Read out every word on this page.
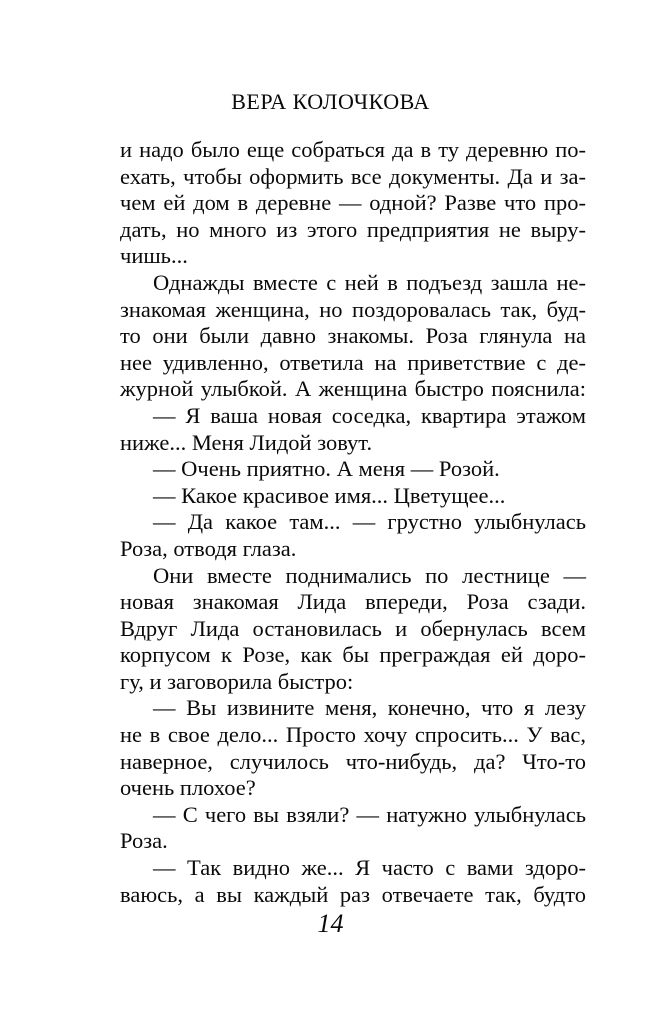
ВЕРА КОЛОЧКОВА
и надо было еще собраться да в ту деревню по-
ехать, чтобы оформить все документы. Да и за-
чем ей дом в деревне — одной? Разве что про-
дать, но много из этого предприятия не выру-
чишь...
Однажды вместе с ней в подъезд зашла не-
знакомая женщина, но поздоровалась так, буд-
то они были давно знакомы. Роза глянула на
нее удивленно, ответила на приветствие с де-
журной улыбкой. А женщина быстро пояснила:
— Я ваша новая соседка, квартира этажом
ниже... Меня Лидой зовут.
— Очень приятно. А меня — Розой.
— Какое красивое имя... Цветущее...
— Да какое там... — грустно улыбнулась
Роза, отводя глаза.
Они вместе поднимались по лестнице —
новая знакомая Лида впереди, Роза сзади.
Вдруг Лида остановилась и обернулась всем
корпусом к Розе, как бы преграждая ей доро-
гу, и заговорила быстро:
— Вы извините меня, конечно, что я лезу
не в свое дело... Просто хочу спросить... У вас,
наверное, случилось что-нибудь, да? Что-то
очень плохое?
— С чего вы взяли? — натужно улыбнулась
Роза.
— Так видно же... Я часто с вами здоро-
ваюсь, а вы каждый раз отвечаете так, будто
14
